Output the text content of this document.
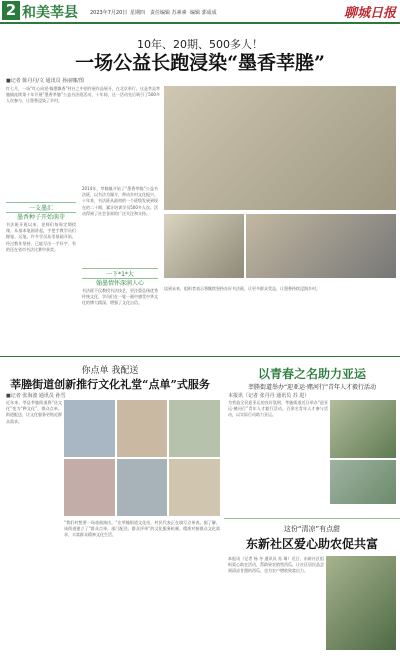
2 和美莘县 2023年7月20日 星期四 责任编辑 苏素素 编辑 郭成成	聊城日报
10年、20期、500多人！
一场公益长跑浸染“墨香莘塍”
■记者 陈丹丹/文 通讯员 孙丽娜/图
红七月，一场“红心向党·翰墨飘香”村社之中创作展作品展开，在北京举行。这是莘县莘塍镇连续第十年开展“墨香莘塍”公益书法班活动，十年间，这一活动先后吸引了500多人次参与，让墨香浸染了乡村。
一支墨汇
墨香种子开始萌芽
书法班开班以来，老师们每周定期授课，从基本笔画讲起，手把手教学员们握笔、运笔。许多学员从零基础开始，经过数年坚持，已能写出一手好字，有的还在省市书法比赛中获奖。
2014年，莘塍镇开始了“墨香莘塍”公益书法班，以书法为媒介，带动乡村文化振兴。十年来，书法班从最初的一个班级发展到现在的二十期，累计培训学员500多人次。活动得到了社会各界的广泛关注和支持。
一下*1*大
翰墨情怀深润人心
书法班不仅教授书法技艺，更注重弘扬优秀传统文化，学员们在一笔一画中感受中华文化的博大精深，增强了文化自信。
谈到未来，组织者表示将继续坚持办好书法班，让更多群众受益，让墨香持续浸润乡村。
你点单 我配送
莘塍街道创新推行文化礼堂“点单”式服务
■记者 张海波 通讯员 孙雪
近年来，莘县莘塍街道将“送文化”变为“种文化”，群众点单、街道配送，让文化服务更贴近群众需求。
“我们村想要一场戏曲演出。”在莘塍街道文化站，村民代表正在填写点单表。据了解，该街道建立了“群众点单、部门配送、群众评单”的文化服务机制，精准对接群众文化需求，丰富群众精神文化生活。
以青春之名助力亚运
莘塍街道举办“迎亚运·赌河行”青年人才毅行活动
本报讯（记者 张丹丹 通讯员 苏 进）
为营造全民迎亚运的良好氛围，莘塍街道近日举办“迎亚运·赌河行”青年人才毅行活动，百余名青年人才参与活动，以实际行动助力亚运。
这份“清凉”有点甜
东新社区爱心助农促共富
本报讯（记者 杨 冬 通讯员 苏 瑞）近日，东新社区组织爱心助农活动，帮助果农销售西瓜，让社区居民品尝到清凉甘甜的西瓜，也为农户增收致富出力。
